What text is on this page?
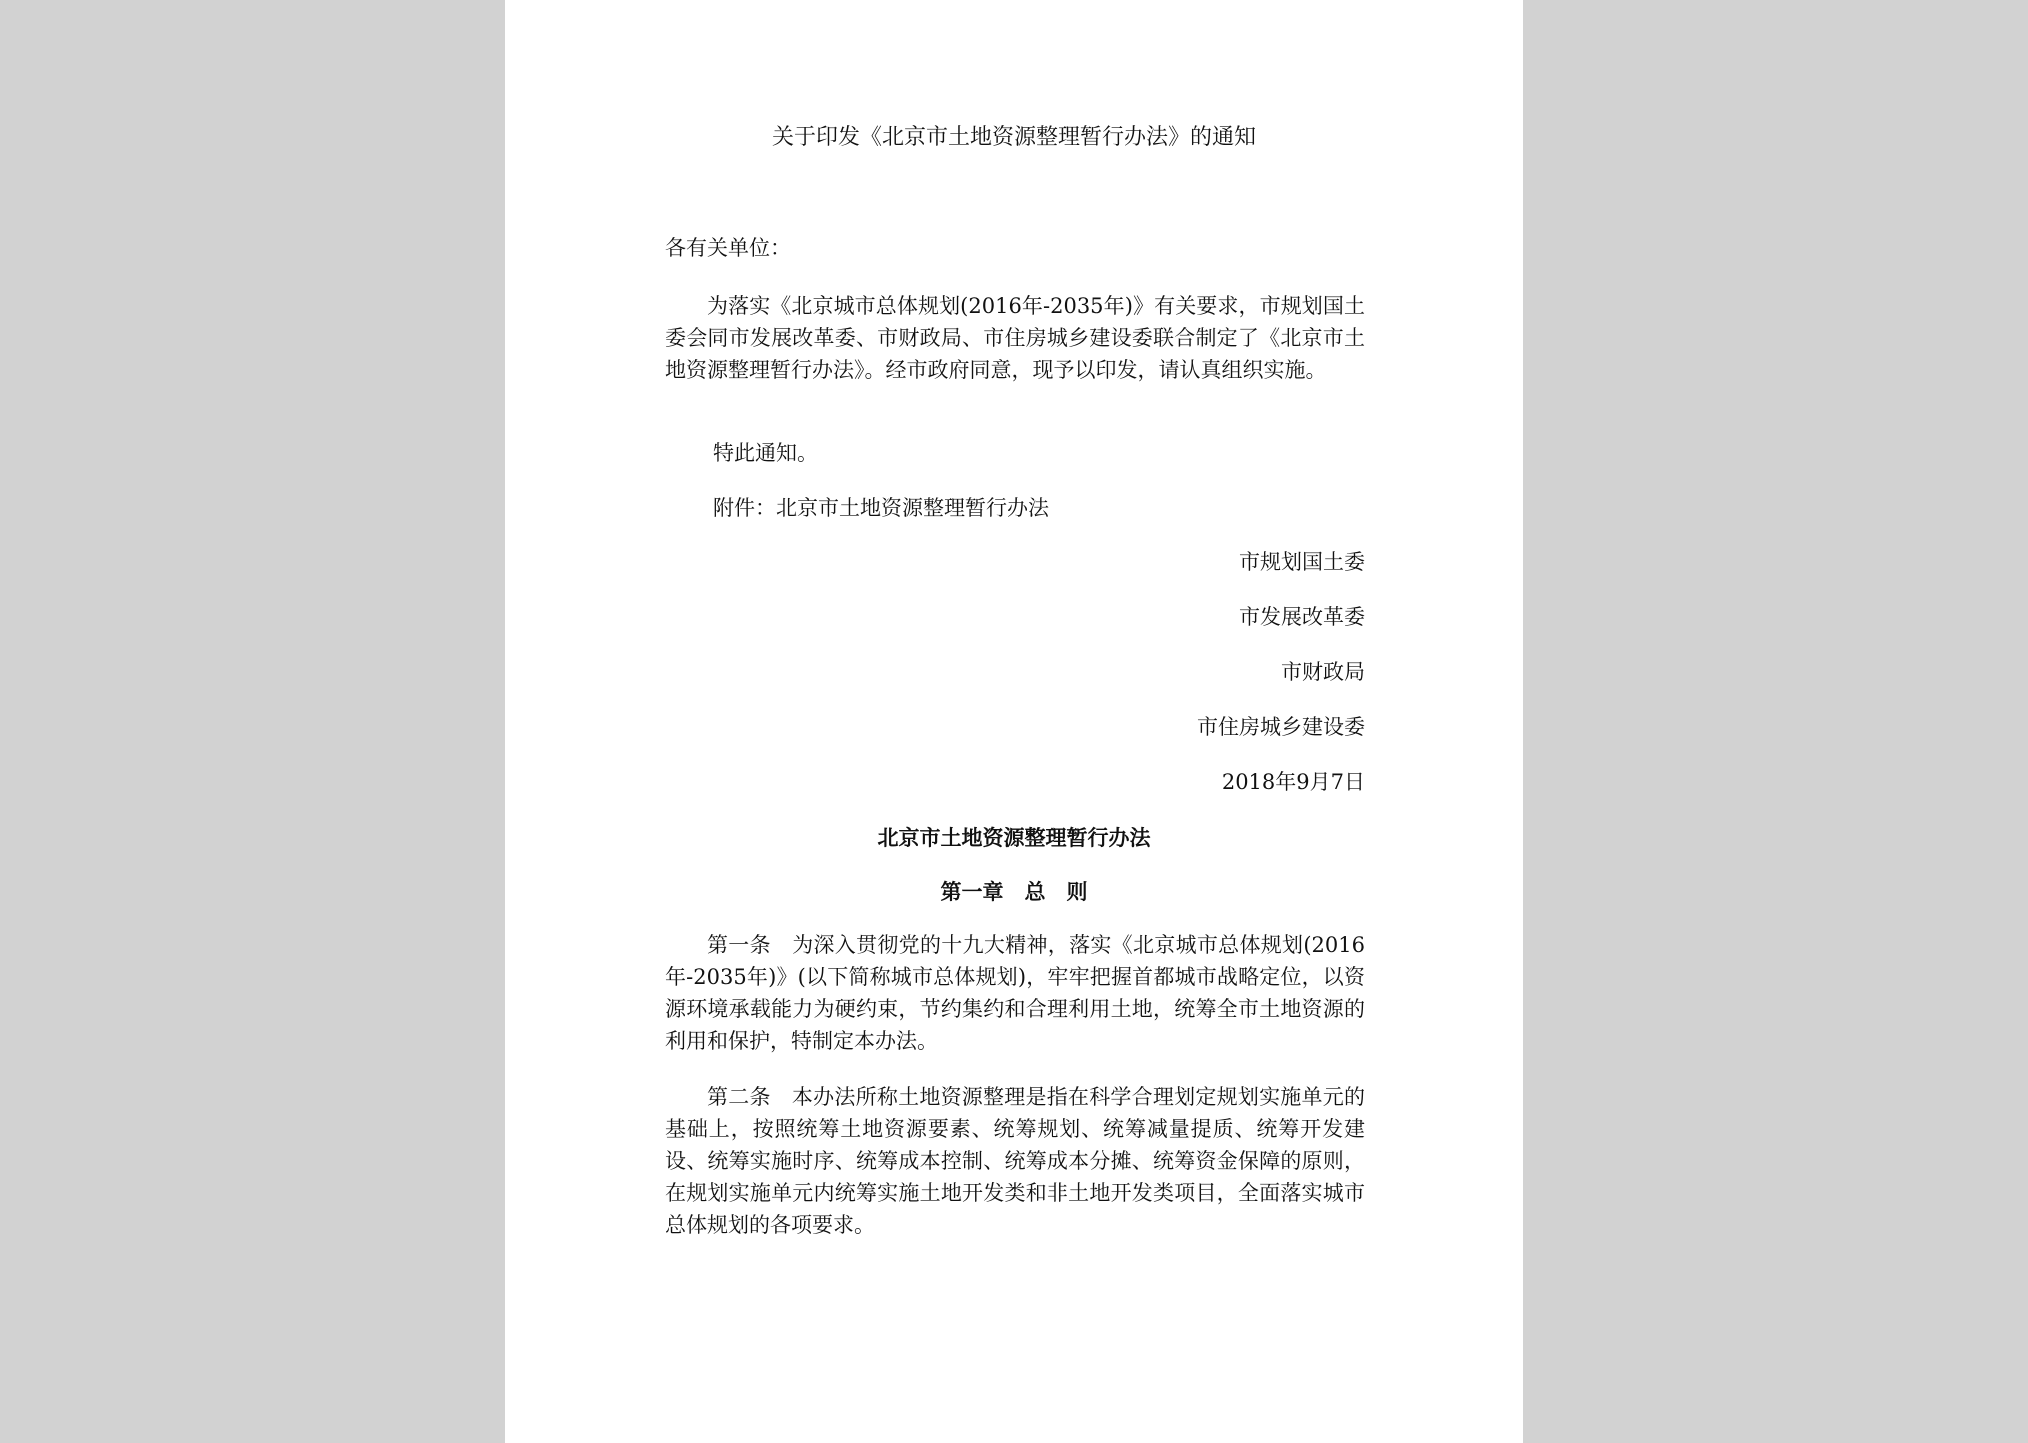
关于印发《北京市土地资源整理暂行办法》的通知
各有关单位：
为落实《北京城市总体规划(2016年-2035年)》有关要求，市规划国土委会同市发展改革委、市财政局、市住房城乡建设委联合制定了《北京市土地资源整理暂行办法》。经市政府同意，现予以印发，请认真组织实施。
特此通知。
附件：北京市土地资源整理暂行办法
市规划国土委
市发展改革委
市财政局
市住房城乡建设委
2018年9月7日
北京市土地资源整理暂行办法
第一章　总　则
第一条　为深入贯彻党的十九大精神，落实《北京城市总体规划(2016年-2035年)》(以下简称城市总体规划)，牢牢把握首都城市战略定位，以资源环境承载能力为硬约束，节约集约和合理利用土地，统筹全市土地资源的利用和保护，特制定本办法。
第二条　本办法所称土地资源整理是指在科学合理划定规划实施单元的基础上，按照统筹土地资源要素、统筹规划、统筹减量提质、统筹开发建设、统筹实施时序、统筹成本控制、统筹成本分摊、统筹资金保障的原则，在规划实施单元内统筹实施土地开发类和非土地开发类项目，全面落实城市总体规划的各项要求。
